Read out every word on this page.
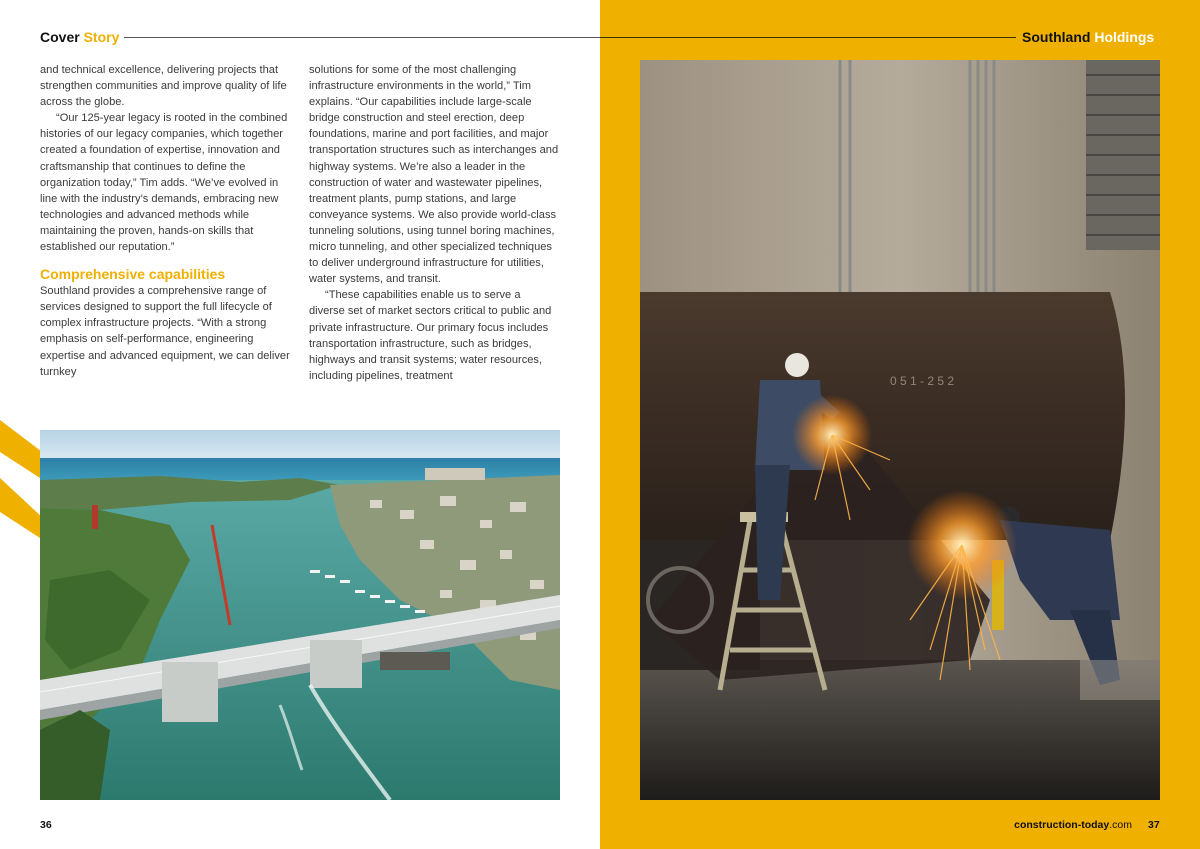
Cover Story

and technical excellence, delivering projects that strengthen communities and improve quality of life across the globe.

“Our 125-year legacy is rooted in the combined histories of our legacy companies, which together created a foundation of expertise, innovation and craftsmanship that continues to define the organization today,” Tim adds. “We’ve evolved in line with the industry’s demands, embracing new technologies and advanced methods while maintaining the proven, hands-on skills that established our reputation.”

Comprehensive capabilities

Southland provides a comprehensive range of services designed to support the full lifecycle of complex infrastructure projects. “With a strong emphasis on self-performance, engineering expertise and advanced equipment, we can deliver turnkey

solutions for some of the most challenging infrastructure environments in the world,” Tim explains. “Our capabilities include large-scale bridge construction and steel erection, deep foundations, marine and port facilities, and major transportation structures such as interchanges and highway systems. We’re also a leader in the construction of water and wastewater pipelines, treatment plants, pump stations, and large conveyance systems. We also provide world-class tunneling solutions, using tunnel boring machines, micro tunneling, and other specialized techniques to deliver underground infrastructure for utilities, water systems, and transit.

“These capabilities enable us to serve a diverse set of market sectors critical to public and private infrastructure. Our primary focus includes transportation infrastructure, such as bridges, highways and transit systems; water resources, including pipelines, treatment

36
Southland Holdings
0 5 1 - 2 5 2
construction-today.com 37
